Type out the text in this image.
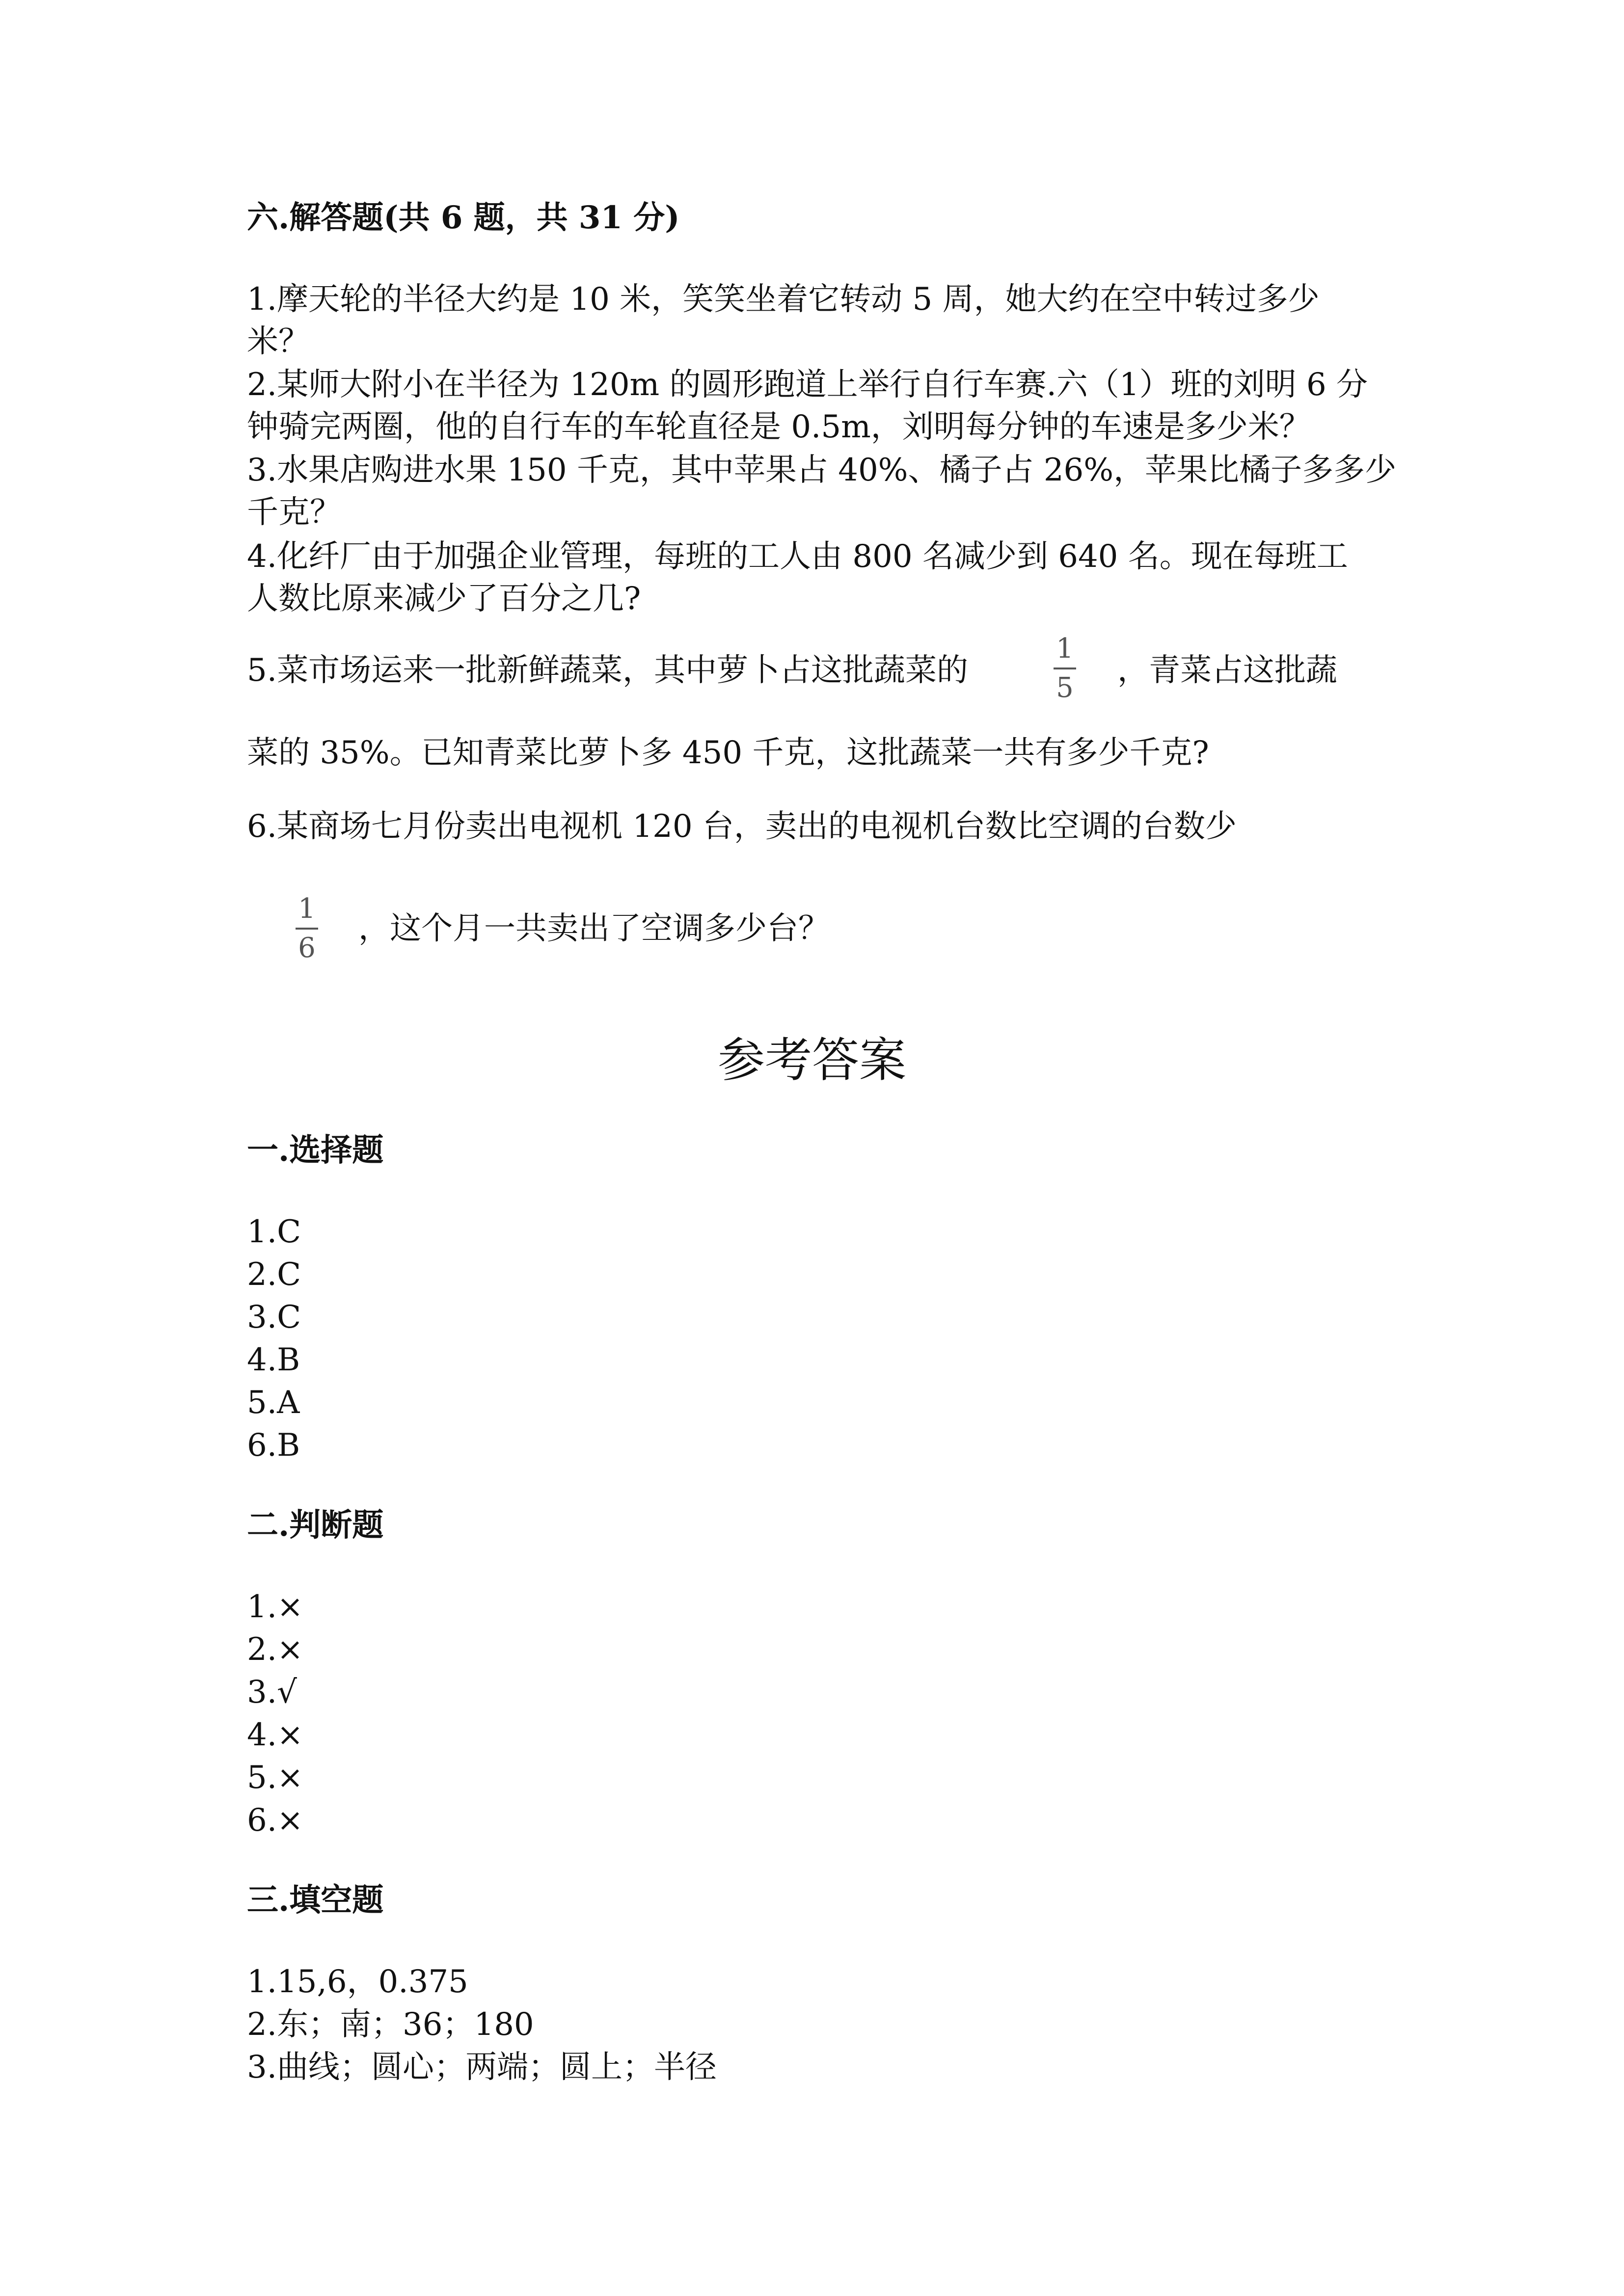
六.解答题(共 6 题，共 31 分)
1.摩天轮的半径大约是 10 米，笑笑坐着它转动 5 周，她大约在空中转过多少
米？
2.某师大附小在半径为 120m 的圆形跑道上举行自行车赛.六（1）班的刘明 6 分
钟骑完两圈，他的自行车的车轮直径是 0.5m，刘明每分钟的车速是多少米？
3.水果店购进水果 150 千克，其中苹果占 40%、橘子占 26%，苹果比橘子多多少
千克？
4.化纤厂由于加强企业管理，每班的工人由 800 名减少到 640 名。现在每班工
人数比原来减少了百分之几?
5.菜市场运来一批新鲜蔬菜，其中萝卜占这批蔬菜的
1
5 ，青菜占这批蔬
菜的 35%。已知青菜比萝卜多 450 千克，这批蔬菜一共有多少千克?
6.某商场七月份卖出电视机 120 台，卖出的电视机台数比空调的台数少
1
6
，这个月一共卖出了空调多少台？
参考答案
一.选择题
1.C
2.C
3.C
4.B
5.A
6.B
二.判断题
1.×
2.×
3.√
4.×
5.×
6.×
三.填空题
1.15,6，0.375
2.东；南；36；180
3.曲线；圆心；两端；圆上；半径
